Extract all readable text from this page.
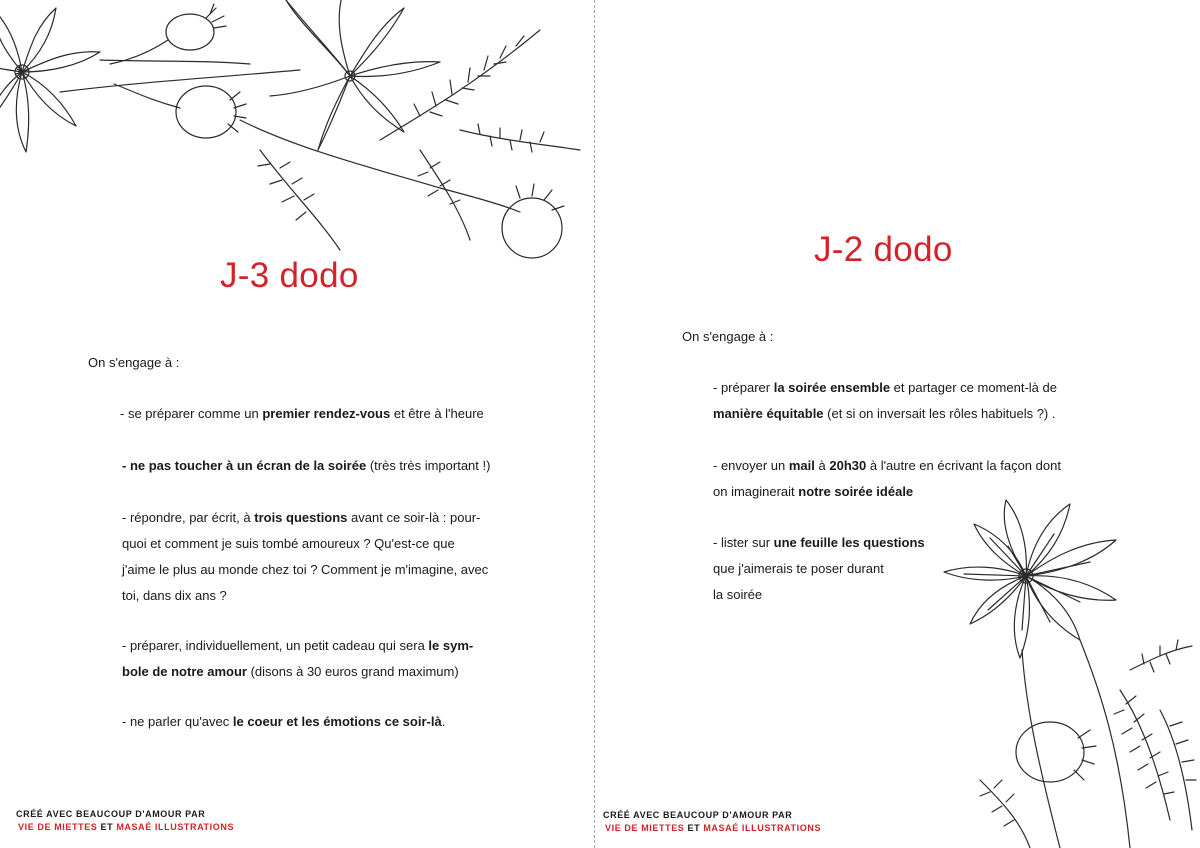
J-3 dodo

On s'engage à :

- se préparer comme un premier rendez-vous et être à l'heure
- ne pas toucher à un écran de la soirée (très très important !)
- répondre, par écrit, à trois questions avant ce soir-là : pour-
quoi et comment je suis tombé amoureux ? Qu'est-ce que
j'aime le plus au monde chez toi ? Comment je m'imagine, avec
toi, dans dix ans ?
- préparer, individuellement, un petit cadeau qui sera le sym-
bole de notre amour (disons à 30 euros grand maximum)
- ne parler qu'avec le coeur et les émotions ce soir-là.
CRÉÉ AVEC BEAUCOUP D'AMOUR PAR
VIE DE MIETTES ET MASAÉ ILLUSTRATIONS
J-2 dodo

On s'engage à :

- préparer la soirée ensemble et partager ce moment-là de
manière équitable (et si on inversait les rôles habituels ?) .
- envoyer un mail à 20h30 à l'autre en écrivant la façon dont
on imaginerait notre soirée idéale
- lister sur une feuille les questions
que j'aimerais te poser durant
la soirée
CRÉÉ AVEC BEAUCOUP D'AMOUR PAR
VIE DE MIETTES ET MASAÉ ILLUSTRATIONS
